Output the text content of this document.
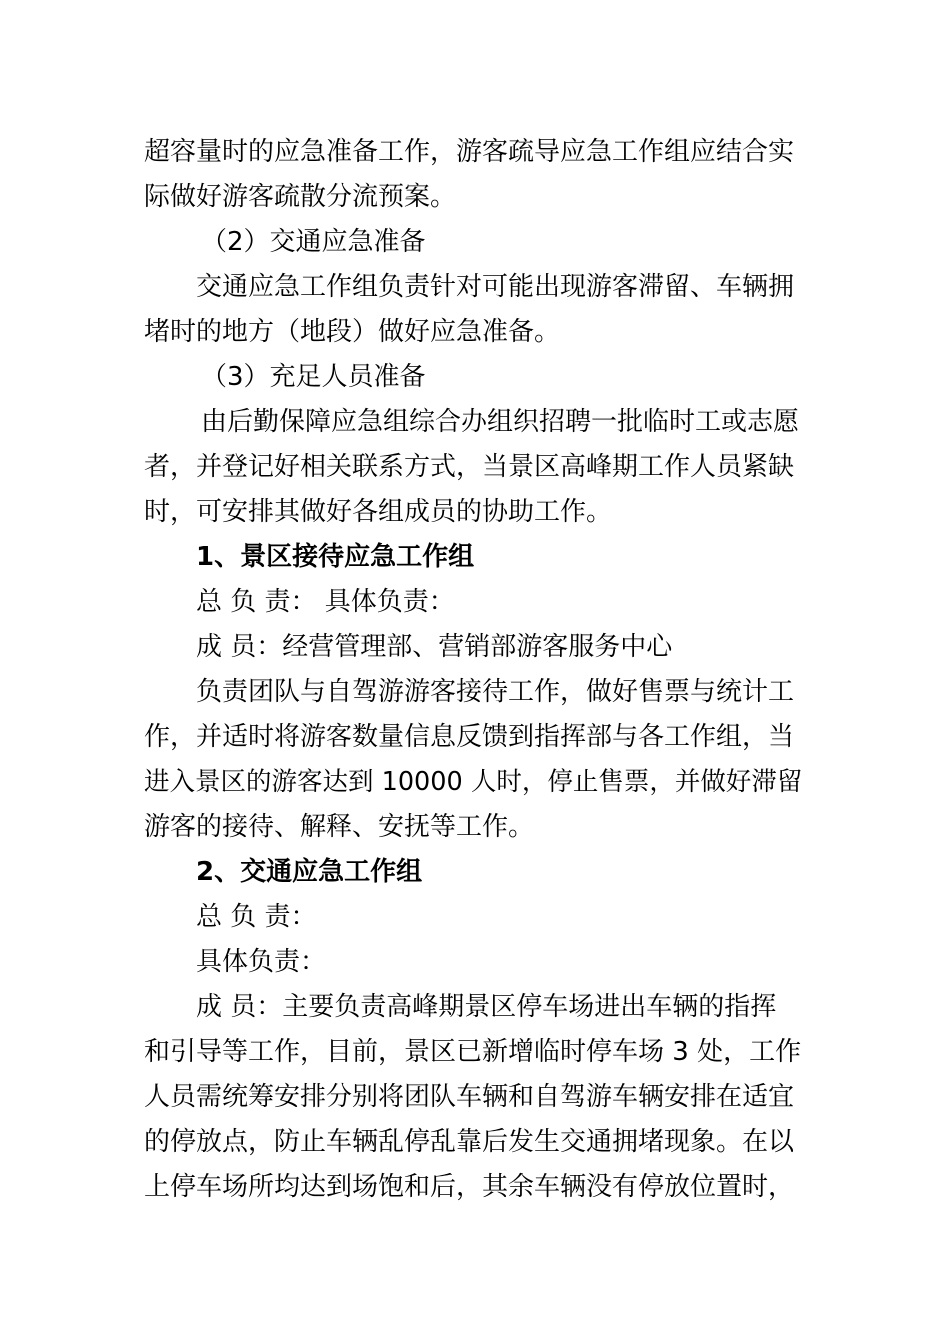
超容量时的应急准备工作，游客疏导应急工作组应结合实
际做好游客疏散分流预案。
（2）交通应急准备
交通应急工作组负责针对可能出现游客滞留、车辆拥
堵时的地方（地段）做好应急准备。
（3）充足人员准备
由后勤保障应急组综合办组织招聘一批临时工或志愿
者，并登记好相关联系方式，当景区高峰期工作人员紧缺
时，可安排其做好各组成员的协助工作。
1、景区接待应急工作组
总 负 责： 具体负责：
成 员：经营管理部、营销部游客服务中心
负责团队与自驾游游客接待工作，做好售票与统计工
作，并适时将游客数量信息反馈到指挥部与各工作组，当
进入景区的游客达到 10000 人时，停止售票，并做好滞留
游客的接待、解释、安抚等工作。
2、交通应急工作组
总 负 责：
具体负责：
成 员：主要负责高峰期景区停车场进出车辆的指挥
和引导等工作，目前，景区已新增临时停车场 3 处，工作
人员需统筹安排分别将团队车辆和自驾游车辆安排在适宜
的停放点，防止车辆乱停乱靠后发生交通拥堵现象。在以
上停车场所均达到场饱和后，其余车辆没有停放位置时，
